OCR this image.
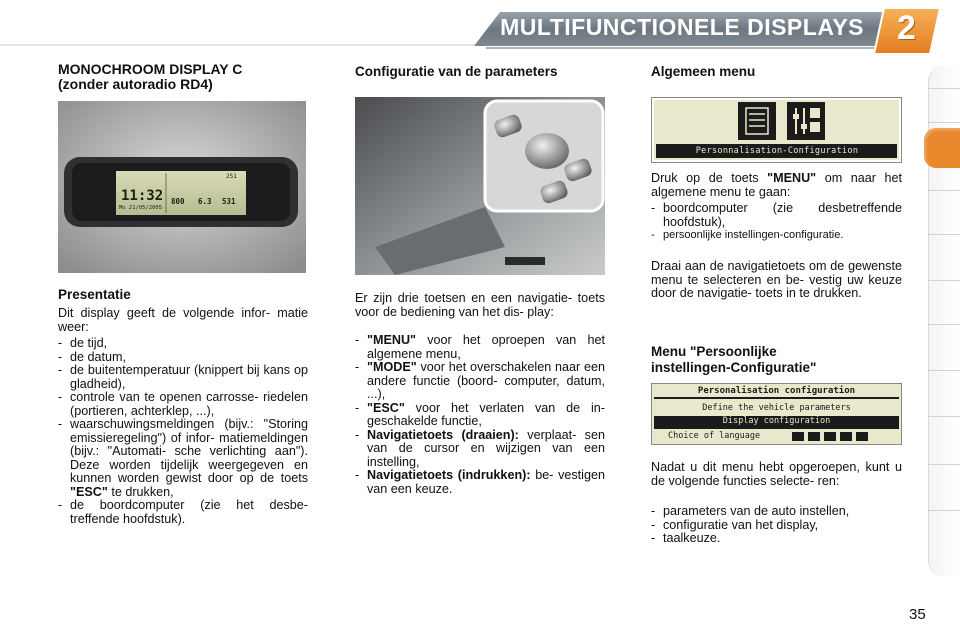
MULTIFUNCTIONELE DISPLAYS 2
MONOCHROOM DISPLAY C
(zonder autoradio RD4)
11:32
Mo 21/05/2005
251
800 6.3 531
Presentatie
Dit display geeft de volgende infor- matie weer:
- de tijd,
- de datum,
- de buitentemperatuur (knippert bij kans op gladheid),
- controle van te openen carrosse- riedelen (portieren, achterklep, ...),
- waarschuwingsmeldingen (bijv.: "Storing emissieregeling") of infor- matiemeldingen (bijv.: "Automati- sche verlichting aan"). Deze worden tijdelijk weergegeven en kunnen worden gewist door op de toets "ESC" te drukken,
- de boordcomputer (zie het desbe- treffende hoofdstuk).
Configuratie van de parameters
Er zijn drie toetsen en een navigatie- toets voor de bediening van het dis- play:
- "MENU" voor het oproepen van het algemene menu,
- "MODE" voor het overschakelen naar een andere functie (boord- computer, datum, ...),
- "ESC" voor het verlaten van de in- geschakelde functie,
- Navigatietoets (draaien): verplaat- sen van de cursor en wijzigen van een instelling,
- Navigatietoets (indrukken): be- vestigen van een keuze.
Algemeen menu
Personnalisation-Configuration
Druk op de toets "MENU" om naar het algemene menu te gaan:
- boordcomputer (zie desbetreffende hoofdstuk),
- persoonlijke instellingen-configuratie.
Draai aan de navigatietoets om de gewenste menu te selecteren en be- vestig uw keuze door de navigatie- toets in te drukken.
Menu "Persoonlijke
instellingen-Configuratie"
Personalisation configuration
Define the vehicle parameters
Display configuration
Choice of language
Nadat u dit menu hebt opgeroepen, kunt u de volgende functies selecte- ren:
- parameters van de auto instellen,
- configuratie van het display,
- taalkeuze.
35
